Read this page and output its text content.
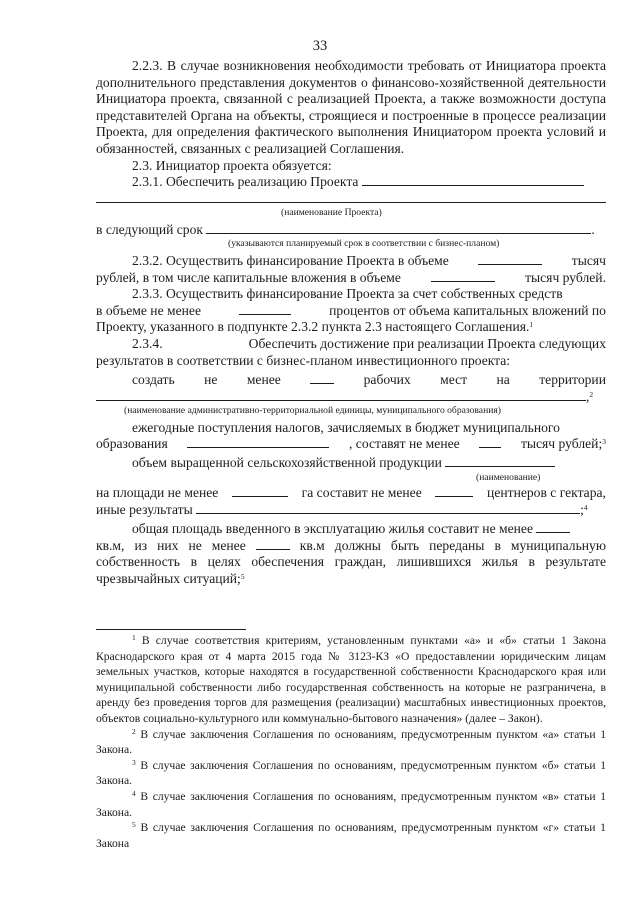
33

2.2.3. В случае возникновения необходимости требовать от Инициатора проекта дополнительного представления документов о финансово-хозяйственной деятельности Инициатора проекта, связанной с реализацией Проекта, а также возможности доступа представителей Органа на объекты, строящиеся и построенные в процессе реализации Проекта, для определения фактического выполнения Инициатором проекта условий и обязанностей, связанных с реализацией Соглашения.

2.3. Инициатор проекта обязуется:

2.3.1. Обеспечить реализацию Проекта
(наименование Проекта)
в следующий срок	.
(указываются планируемый срок в соответствии с бизнес-планом)
2.3.2. Осуществить финансирование Проекта в объеме	тысяч
рублей, в том числе капитальные вложения в объеме	тысяч рублей.
2.3.3. Осуществить финансирование Проекта за счет собственных средств
в объеме не менее	процентов от объема капитальных вложений по
Проекту, указанного в подпункте 2.3.2 пункта 2.3 настоящего Соглашения.$^1$
2.3.4.	Обеспечить достижение при реализации Проекта следующих
результатов в соответствии с бизнес-планом инвестиционного проекта:
создать не менее	рабочих мест на территории
,$^2$
(наименование административно-территориальной единицы, муниципального образования)
ежегодные поступления налогов, зачисляемых в бюджет муниципального
образования	, составят не менее	тысяч рублей;$^3$
объем выращенной сельскохозяйственной продукции
(наименование)
на площади не менее	га составит не менее	центнеров с гектара,
иные результаты	;$^4$
общая площадь введенного в эксплуатацию жилья составит не менее
кв.м, из них не менее	кв.м должны быть переданы в муниципальную

собственность в целях обеспечения граждан, лишившихся жилья в результате чрезвычайных ситуаций;$^5$

$^1$ В случае соответствия критериям, установленным пунктами «а» и «б» статьи 1 Закона Краснодарского края от 4 марта 2015 года № 3123-КЗ «О предоставлении юридическим лицам земельных участков, которые находятся в государственной собственности Краснодарского края или муниципальной собственности либо государственная собственность на которые не разграничена, в аренду без проведения торгов для размещения (реализации) масштабных инвестиционных проектов, объектов социально-культурного или коммунально-бытового назначения» (далее – Закон).

$^2$ В случае заключения Соглашения по основаниям, предусмотренным пунктом «а» статьи 1 Закона.

$^3$ В случае заключения Соглашения по основаниям, предусмотренным пунктом «б» статьи 1 Закона.

$^4$ В случае заключения Соглашения по основаниям, предусмотренным пунктом «в» статьи 1 Закона.

$^5$ В случае заключения Соглашения по основаниям, предусмотренным пунктом «г» статьи 1 Закона
